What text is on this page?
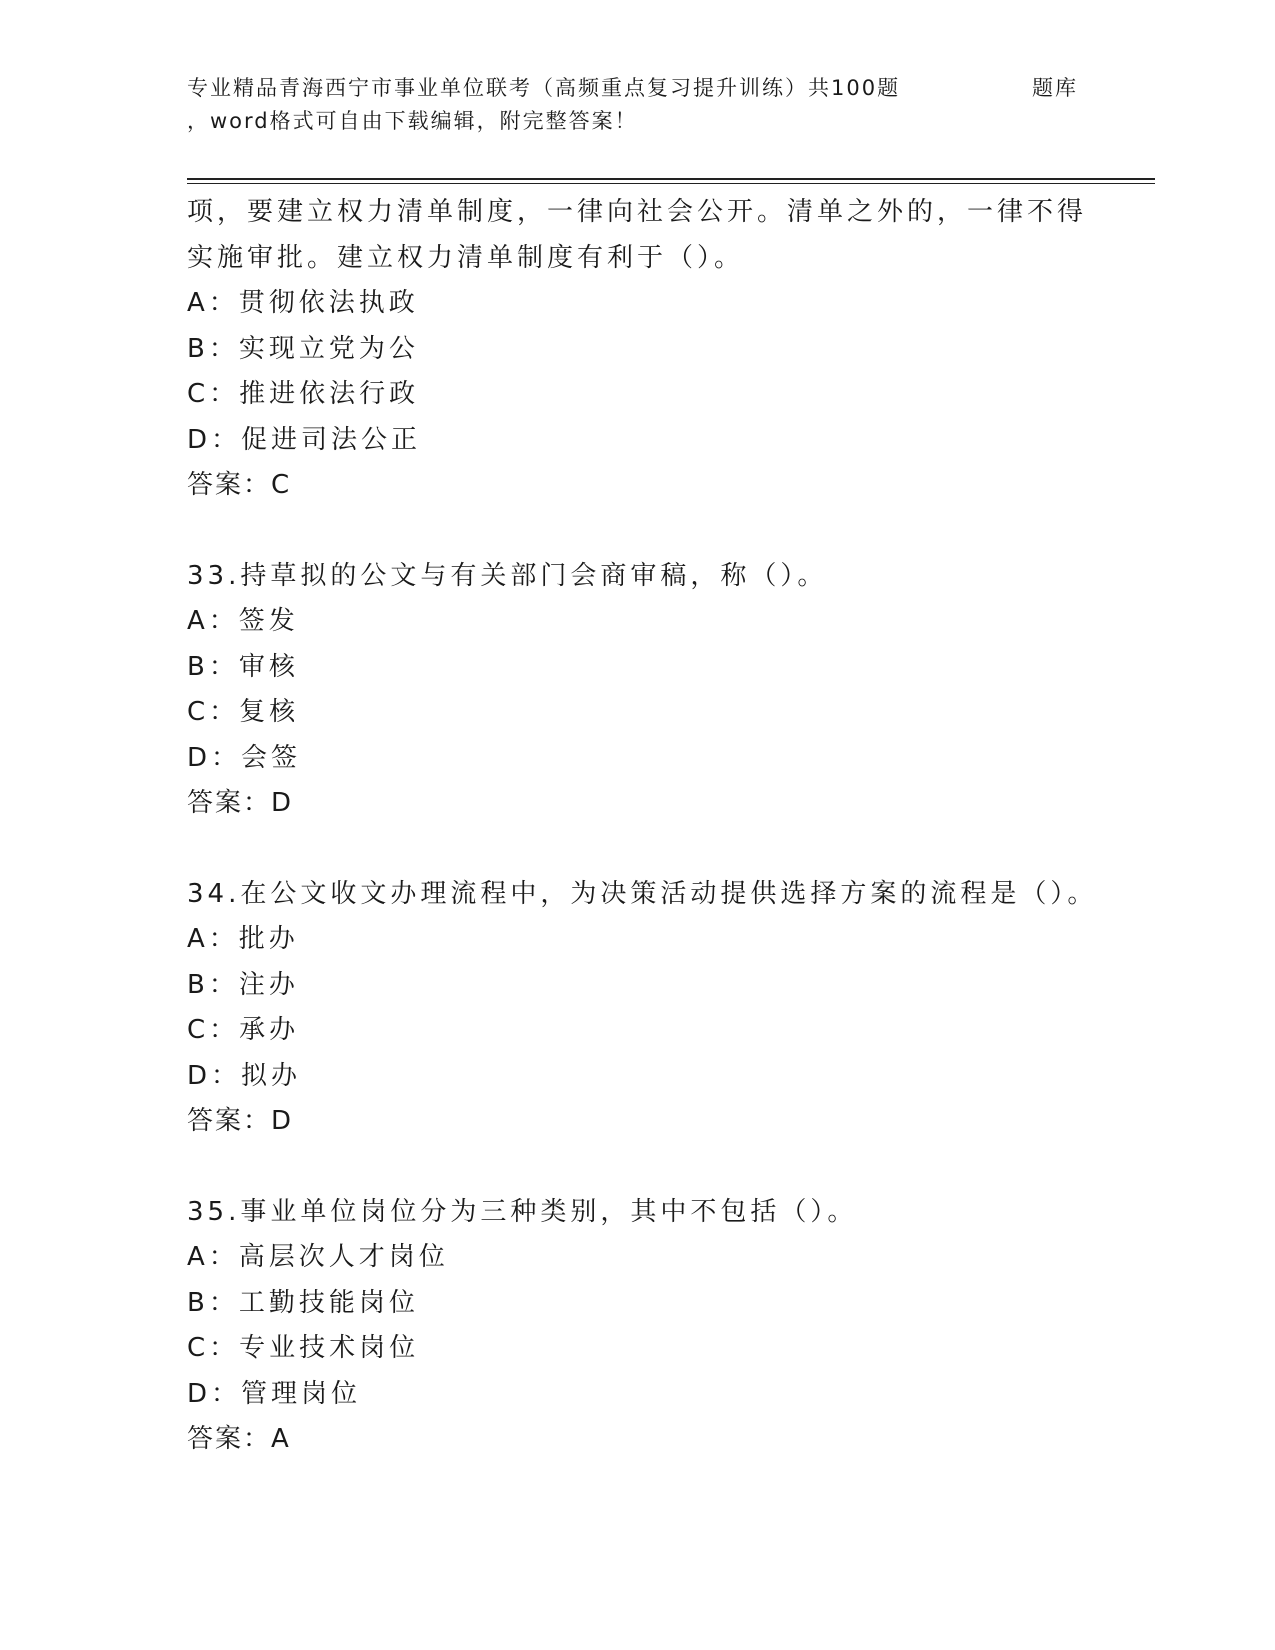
专业精品青海西宁市事业单位联考（高频重点复习提升训练）共100题	题库
，word格式可自由下载编辑，附完整答案！
项，要建立权力清单制度，一律向社会公开。清单之外的，一律不得
实施审批。建立权力清单制度有利于（）。
A：贯彻依法执政
B：实现立党为公
C：推进依法行政
D：促进司法公正
答案：C
33.持草拟的公文与有关部门会商审稿，称（）。
A：签发
B：审核
C：复核
D：会签
答案：D
34.在公文收文办理流程中，为决策活动提供选择方案的流程是（）。
A：批办
B：注办
C：承办
D：拟办
答案：D
35.事业单位岗位分为三种类别，其中不包括（）。
A：高层次人才岗位
B：工勤技能岗位
C：专业技术岗位
D：管理岗位
答案：A
